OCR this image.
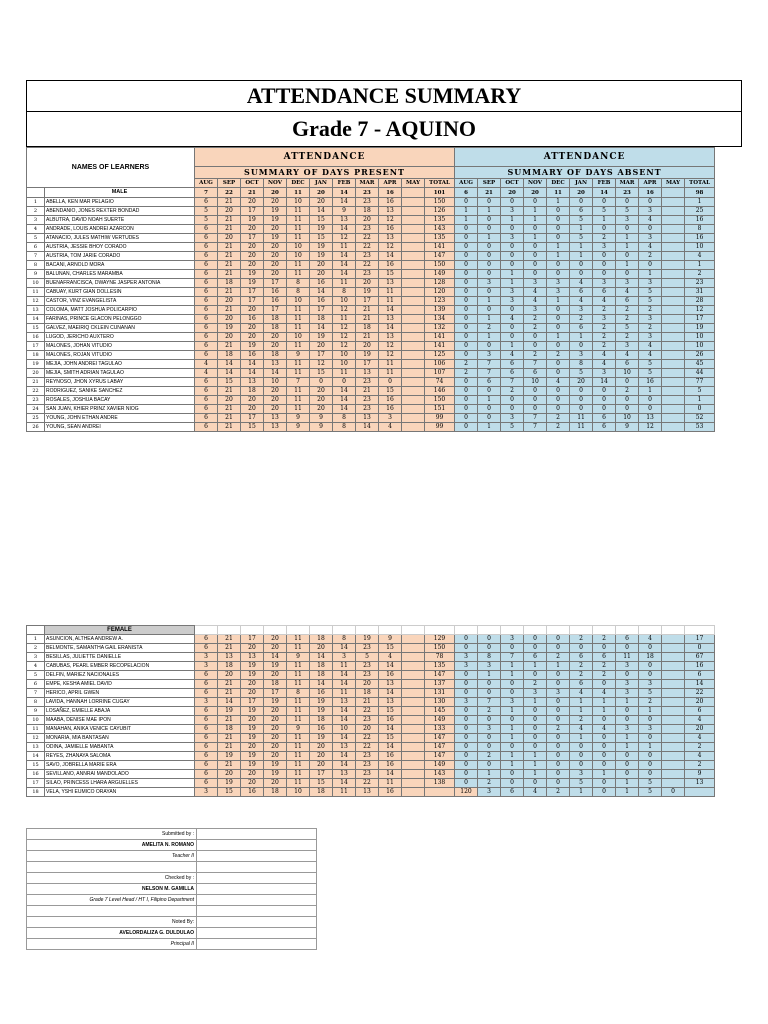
ATTENDANCE SUMMARY
Grade 7 - AQUINO
NAMES OF LEARNERS		ATTENDANCE											ATTENDANCE											
		SUMMARY OF DAYS PRESENT											SUMMARY OF DAYS ABSENT											
		AUG	SEP	OCT	NOV	DEC	JAN	FEB	MAR	APR	MAY	TOTAL	AUG	SEP	OCT	NOV	DEC	JAN	FEB	MAR	APR	MAY	TOTAL	
	MALE	7	22	21	20	11	20	14	23	16		101	6	21	20	20	11	20	14	23	16		98	
1	ABELLA, KEN MAR PELAGIO	6	21	20	20	10	20	14	23	16		150	0	0	0	0	1	0	0	0	0		1	
2	ABENDANIO, JONES REXTER BONDAD	5	20	17	19	11	14	9	18	13		126	1	1	3	1	0	6	5	5	3		25	
3	ALBUTRA, DAVID NOAH SUERTE	5	21	19	19	11	15	13	20	12		135	1	0	1	1	0	5	1	3	4		16	
4	ANDRADE, LOUIS ANDREI AZARCON	6	21	20	20	11	19	14	23	16		143	0	0	0	0	0	1	0	0	0		8	
5	ATANACIO, JULES MATHIW VERTUDES	6	20	17	19	11	15	12	22	13		135	0	1	3	1	0	5	2	1	3		16	
6	AUSTRIA, JESSIE BHOY CORADO	6	21	20	20	10	19	11	22	12		141	0	0	0	0	1	1	3	1	4		10	
7	AUSTRIA, TOM JARIE CORADO	6	21	20	20	10	19	14	23	14		147	0	0	0	0	1	1	0	0	2		4	
8	BACANI, ARNOLD MORA	6	21	20	20	11	20	14	22	16		150	0	0	0	0	0	0	0	1	0		1	
9	BALUNAN, CHARLES MARAMBA	6	21	19	20	11	20	14	23	15		149	0	0	1	0	0	0	0	0	1		2	
10	BUENAFRANCISCA, DWAYNE JASPER ANTONIA	6	18	19	17	8	16	11	20	13		128	0	3	1	3	3	4	3	3	3		23	
11	CABUAY, KURT GIAN DOLLESIN	6	21	17	16	8	14	8	19	11		120	0	0	3	4	3	6	6	4	5		31	
12	CASTOR, VINZ EVANGELISTA	6	20	17	16	10	16	10	17	11		123	0	1	3	4	1	4	4	6	5		28	
13	COLOMA, MATT JOSHUA POLICARPIO	6	21	20	17	11	17	12	21	14		139	0	0	0	3	0	3	2	2	2		12	
14	FARINAS, PRINCE GLACON PELONGGO	6	20	16	18	11	18	11	21	13		134	0	1	4	2	0	2	3	2	3		17	
15	GALVEZ, MAEIRIQ CKLEIN CUNANAN	6	19	20	18	11	14	12	18	14		132	0	2	0	2	0	6	2	5	2		19	
16	LUGOD, JERICHO AUXTERO	6	20	20	20	10	19	12	21	13		141	0	1	0	0	1	1	2	2	3		10	
17	MALONES, JOHAN VITUDIO	6	21	19	20	11	20	12	20	12		141	0	0	1	0	0	0	2	3	4		10	
18	MALONES, ROJAN VITUDIO	6	18	16	18	9	17	10	19	12		125	0	3	4	2	2	3	4	4	4		26	
19	MEJIA, JOHN ANDREI TAGULAO	4	14	14	13	11	12	10	17	11		106	2	7	6	7	0	8	4	6	5		45	
20	MEJIA, SMITH ADRIAN TAGULAO	4	14	14	14	11	15	11	13	11		107	2	7	6	6	0	5	3	10	5		44	
21	REYNOSO, JHON XYRUS LABAY	6	15	13	10	7	0	0	23	0		74	0	6	7	10	4	20	14	0	16		77	
22	RODRIGUEZ, SANIKE SANCHEZ	6	21	18	20	11	20	14	21	15		146	0	0	2	0	0	0	0	2	1		5	
23	ROSALES, JOSHUA BACAY	6	20	20	20	11	20	14	23	16		150	0	1	0	0	0	0	0	0	0		1	
24	SAN JUAN, KHIER PRINZ XAVIER NIOG	6	21	20	20	11	20	14	23	16		151	0	0	0	0	0	0	0	0	0		0	
25	YOUNG, JOHN ETHAN ANDRE	6	21	17	13	9	9	8	13	3		99	0	0	3	7	2	11	6	10	13		52	
26	YOUNG, SEAN ANDREI	6	21	15	13	9	9	8	14	4		99	0	1	5	7	2	11	6	9	12		53	

	FEMALE																							
1	ASUNCION, ALTHEA ANDREW A.	6	21	17	20	11	18	8	19	9		129	0	0	3	0	0	2	2	6	4		17	
2	BELMONTE, SAMANTHA GAIL ERANISTA	6	21	20	20	11	20	14	23	15		150	0	0	0	0	0	0	0	0	0		0	
3	BESILLAS, JULIETTE DANIELLE	3	13	13	14	9	14	3	5	4		78	3	8	7	6	2	6	6	11	18		67	
4	CABUBAS, PEARL EMBER RECOPELACION	3	18	19	19	11	18	11	23	14		135	3	3	1	1	1	2	2	3	0		16	
5	DELFIN, MARIEZ NACIONALES	6	20	19	20	11	18	14	23	16		147	0	1	1	0	0	2	2	0	0		6	
6	EMPE, KESHA AMIEL DAVID	6	21	20	18	11	14	14	20	13		137	0	0	0	2	0	6	0	3	3		14	
7	HERICO, APRIL GWEN	6	21	20	17	8	16	11	18	14		131	0	0	0	3	3	4	4	3	5		22	
8	LAVIDA, HANNAH LORRINE CUGAY	3	14	17	19	11	19	13	21	13		130	3	7	3	1	0	1	1	1	2		20	
9	LOSAÑEZ, EMIELLE ABAJA	6	19	19	20	11	19	14	22	15		145	0	2	1	0	0	1	1	0	1		6	
10	MAABA, DENISE MAE IPON	6	21	20	20	11	18	14	23	16		149	0	0	0	0	0	2	0	0	0		4	
11	MANAHAN, ANIKA VENICE CAYUBIT	6	18	19	20	9	16	10	20	14		133	0	3	1	0	2	4	4	3	3		20	
12	MONARIA, MIA BANTASAN	6	21	19	20	11	19	14	22	15		147	0	0	1	0	0	1	0	1	0		4	
13	ODINA, JAMIELLE MABANTA	6	21	20	20	11	20	13	22	14		147	0	0	0	0	0	0	0	1	1		2	
14	REYES, ZHANAYA SALOMA	6	19	19	20	11	20	14	23	16		147	0	2	1	1	0	0	0	0	0		4	
15	SAVO, JOBRELLA MARIE ERA	6	21	19	19	11	20	14	23	16		149	0	0	1	1	0	0	0	0	0		2	
16	SEVILLANO, ANNRAI MANDOLADO	6	20	20	19	11	17	13	23	14		143	0	1	0	1	0	3	1	0	0		9	
17	SILAO, PRINCESS LHARA ARGUELLES	6	19	20	20	11	15	14	22	11		138	0	2	0	0	0	5	0	1	5		13	
18	VELA, YSHI EUMICO ORAYAN	3	15	16	18	10	18	11	13	16			120	3	6	4	2	1	0	1	5	0		
Submitted by :	
AMELITA N. ROMANO	
Teacher II	

Checked by :	
NELSON M. GAMILLA	
Grade 7 Level Head / HT I, Filipino Department	

Noted By:	
AVELORDALIZA G. DULDULAO	
Principal II	
